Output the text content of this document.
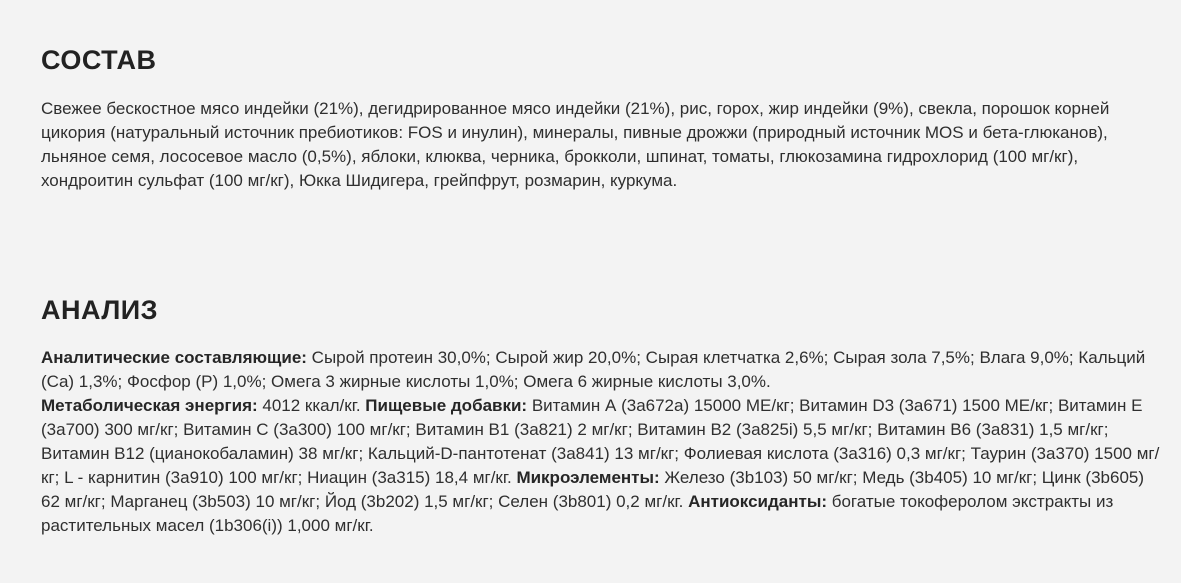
СОСТАВ

Свежее бескостное мясо индейки (21%), дегидрированное мясо индейки (21%), рис, горох, жир индейки (9%), свекла, порошок корней цикория (натуральный источник пребиотиков: FOS и инулин), минералы, пивные дрожжи (природный источник MOS и бета-глюканов), льняное семя, лососевое масло (0,5%), яблоки, клюква, черника, брокколи, шпинат, томаты, глюкозамина гидрохлорид (100 мг/кг), хондроитин сульфат (100 мг/кг), Юкка Шидигера, грейпфрут, розмарин, куркума.

АНАЛИЗ

Аналитические составляющие: Сырой протеин 30,0%; Сырой жир 20,0%; Сырая клетчатка 2,6%; Сырая зола 7,5%; Влага 9,0%; Кальций (Ca) 1,3%; Фосфор (P) 1,0%; Омега 3 жирные кислоты 1,0%; Омега 6 жирные кислоты 3,0%.
Метаболическая энергия: 4012 ккал/кг. Пищевые добавки: Витамин А (3a672a) 15000 МЕ/кг; Витамин D3 (3a671) 1500 МЕ/кг; Витамин Е (3a700) 300 мг/кг; Витамин С (3a300) 100 мг/кг; Витамин В1 (3a821) 2 мг/кг; Витамин В2 (3a825i) 5,5 мг/кг; Витамин В6 (3a831) 1,5 мг/кг; Витамин В12 (цианокобаламин) 38 мг/кг; Кальций-D-пантотенат (3a841) 13 мг/кг; Фолиевая кислота (3a316) 0,3 мг/кг; Таурин (3a370) 1500 мг/кг; L - карнитин (3a910) 100 мг/кг; Ниацин (3a315) 18,4 мг/кг. Микроэлементы: Железо (3b103) 50 мг/кг; Медь (3b405) 10 мг/кг; Цинк (3b605) 62 мг/кг; Марганец (3b503) 10 мг/кг; Йод (3b202) 1,5 мг/кг; Селен (3b801) 0,2 мг/кг. Антиоксиданты: богатые токоферолом экстракты из растительных масел (1b306(i)) 1,000 мг/кг.
